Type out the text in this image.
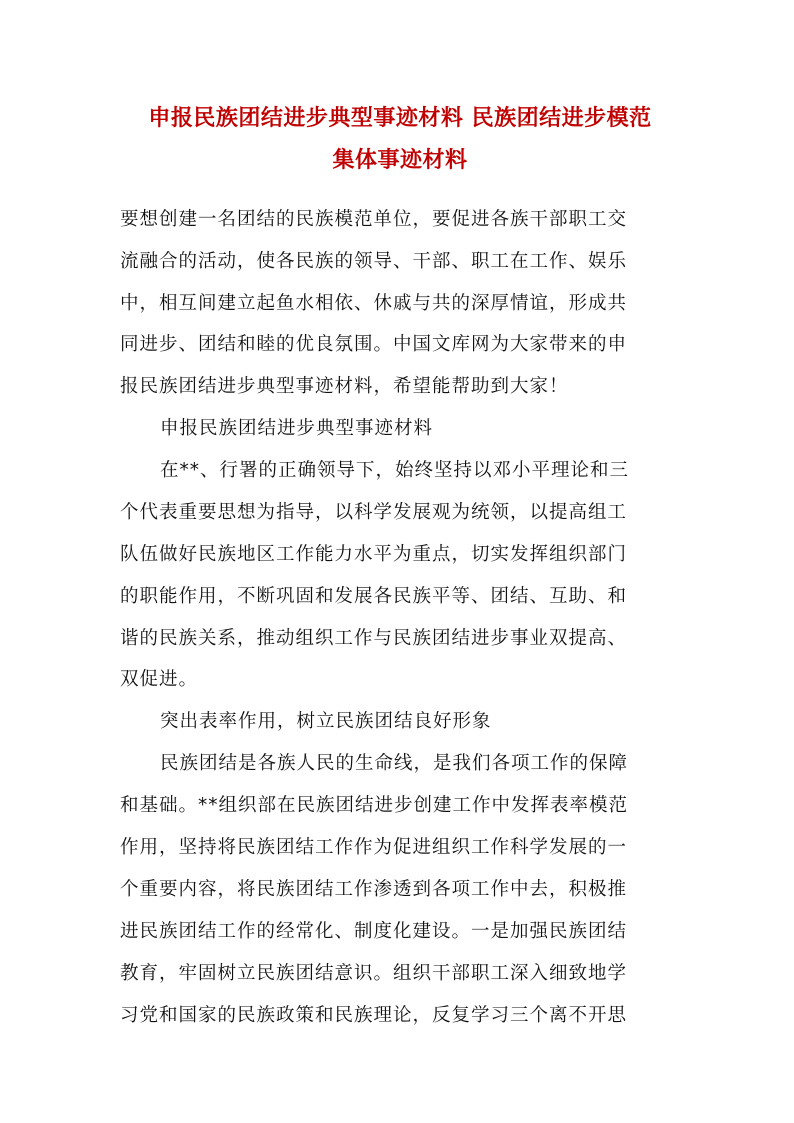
申报民族团结进步典型事迹材料 民族团结进步模范
集体事迹材料
要想创建一名团结的民族模范单位，要促进各族干部职工交
流融合的活动，使各民族的领导、干部、职工在工作、娱乐
中，相互间建立起鱼水相依、休戚与共的深厚情谊，形成共
同进步、团结和睦的优良氛围。中国文库网为大家带来的申
报民族团结进步典型事迹材料，希望能帮助到大家！
申报民族团结进步典型事迹材料
在**、行署的正确领导下，始终坚持以邓小平理论和三
个代表重要思想为指导，以科学发展观为统领，以提高组工
队伍做好民族地区工作能力水平为重点，切实发挥组织部门
的职能作用，不断巩固和发展各民族平等、团结、互助、和
谐的民族关系，推动组织工作与民族团结进步事业双提高、
双促进。
突出表率作用，树立民族团结良好形象
民族团结是各族人民的生命线，是我们各项工作的保障
和基础。**组织部在民族团结进步创建工作中发挥表率模范
作用，坚持将民族团结工作作为促进组织工作科学发展的一
个重要内容，将民族团结工作渗透到各项工作中去，积极推
进民族团结工作的经常化、制度化建设。一是加强民族团结
教育，牢固树立民族团结意识。组织干部职工深入细致地学
习党和国家的民族政策和民族理论，反复学习三个离不开思
